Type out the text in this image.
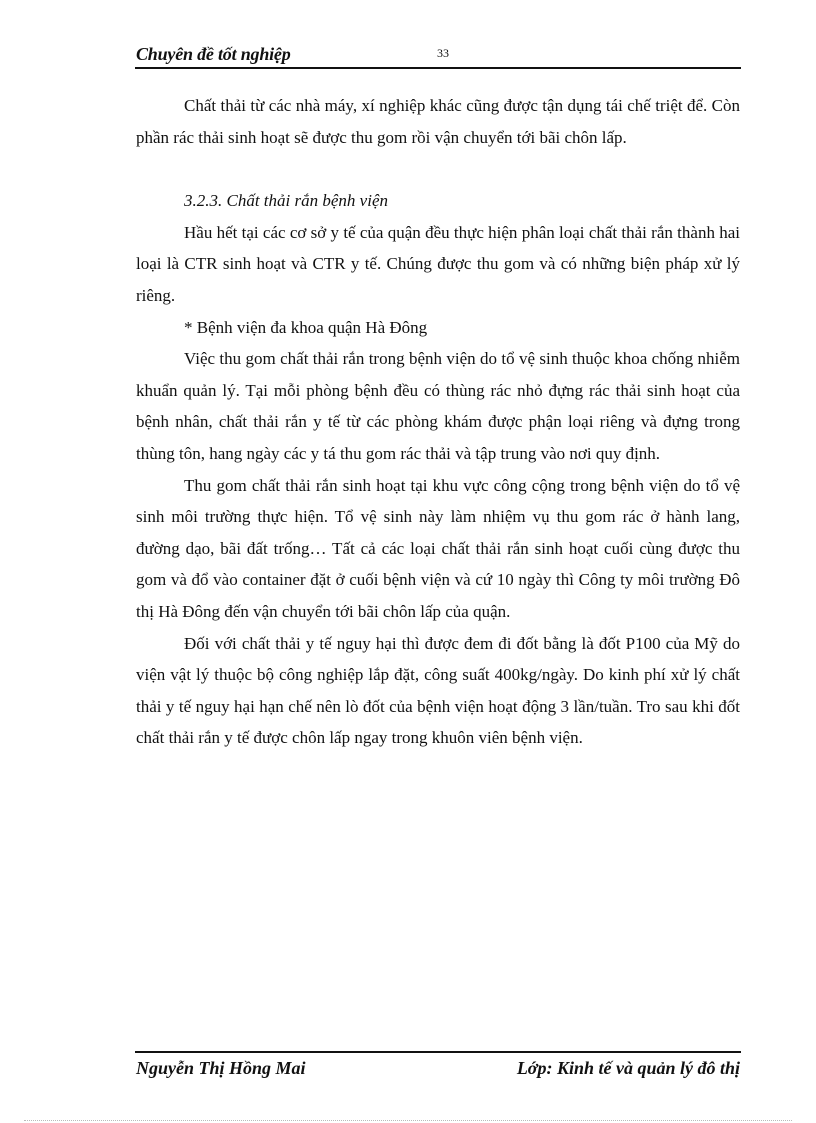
Chuyên đề tốt nghiệp	33

Chất thải từ các nhà máy, xí nghiệp khác cũng được tận dụng tái chế triệt để. Còn phần rác thải sinh hoạt sẽ được thu gom rồi vận chuyển tới bãi chôn lấp.

3.2.3. Chất thải rắn bệnh viện

Hầu hết tại các cơ sở y tế của quận đều thực hiện phân loại chất thải rắn thành hai loại là CTR sinh hoạt và CTR y tế. Chúng được thu gom và có những biện pháp xử lý riêng.

* Bệnh viện đa khoa quận Hà Đông

Việc thu gom chất thải rắn trong bệnh viện do tổ vệ sinh thuộc khoa chống nhiễm khuẩn quản lý. Tại mỗi phòng bệnh đều có thùng rác nhỏ đựng rác thải sinh hoạt của bệnh nhân, chất thải rắn y tế từ các phòng khám được phận loại riêng và đựng trong thùng tôn, hang ngày các y tá thu gom rác thải và tập trung vào nơi quy định.

Thu gom chất thải rắn sinh hoạt tại khu vực công cộng trong bệnh viện do tổ vệ sinh môi trường thực hiện. Tổ vệ sinh này làm nhiệm vụ thu gom rác ở hành lang, đường dạo, bãi đất trống… Tất cả các loại chất thải rắn sinh hoạt cuối cùng được thu gom và đổ vào container đặt ở cuối bệnh viện và cứ 10 ngày thì Công ty môi trường Đô thị Hà Đông đến vận chuyển tới bãi chôn lấp của quận.

Đối với chất thải y tế nguy hại thì được đem đi đốt bằng là đốt P100 của Mỹ do viện vật lý thuộc bộ công nghiệp lắp đặt, công suất 400kg/ngày. Do kinh phí xử lý chất thải y tế nguy hại hạn chế nên lò đốt của bệnh viện hoạt động 3 lần/tuần. Tro sau khi đốt chất thải rắn y tế được chôn lấp ngay trong khuôn viên bệnh viện.

Nguyễn Thị Hồng Mai	Lớp: Kinh tế và quản lý đô thị
